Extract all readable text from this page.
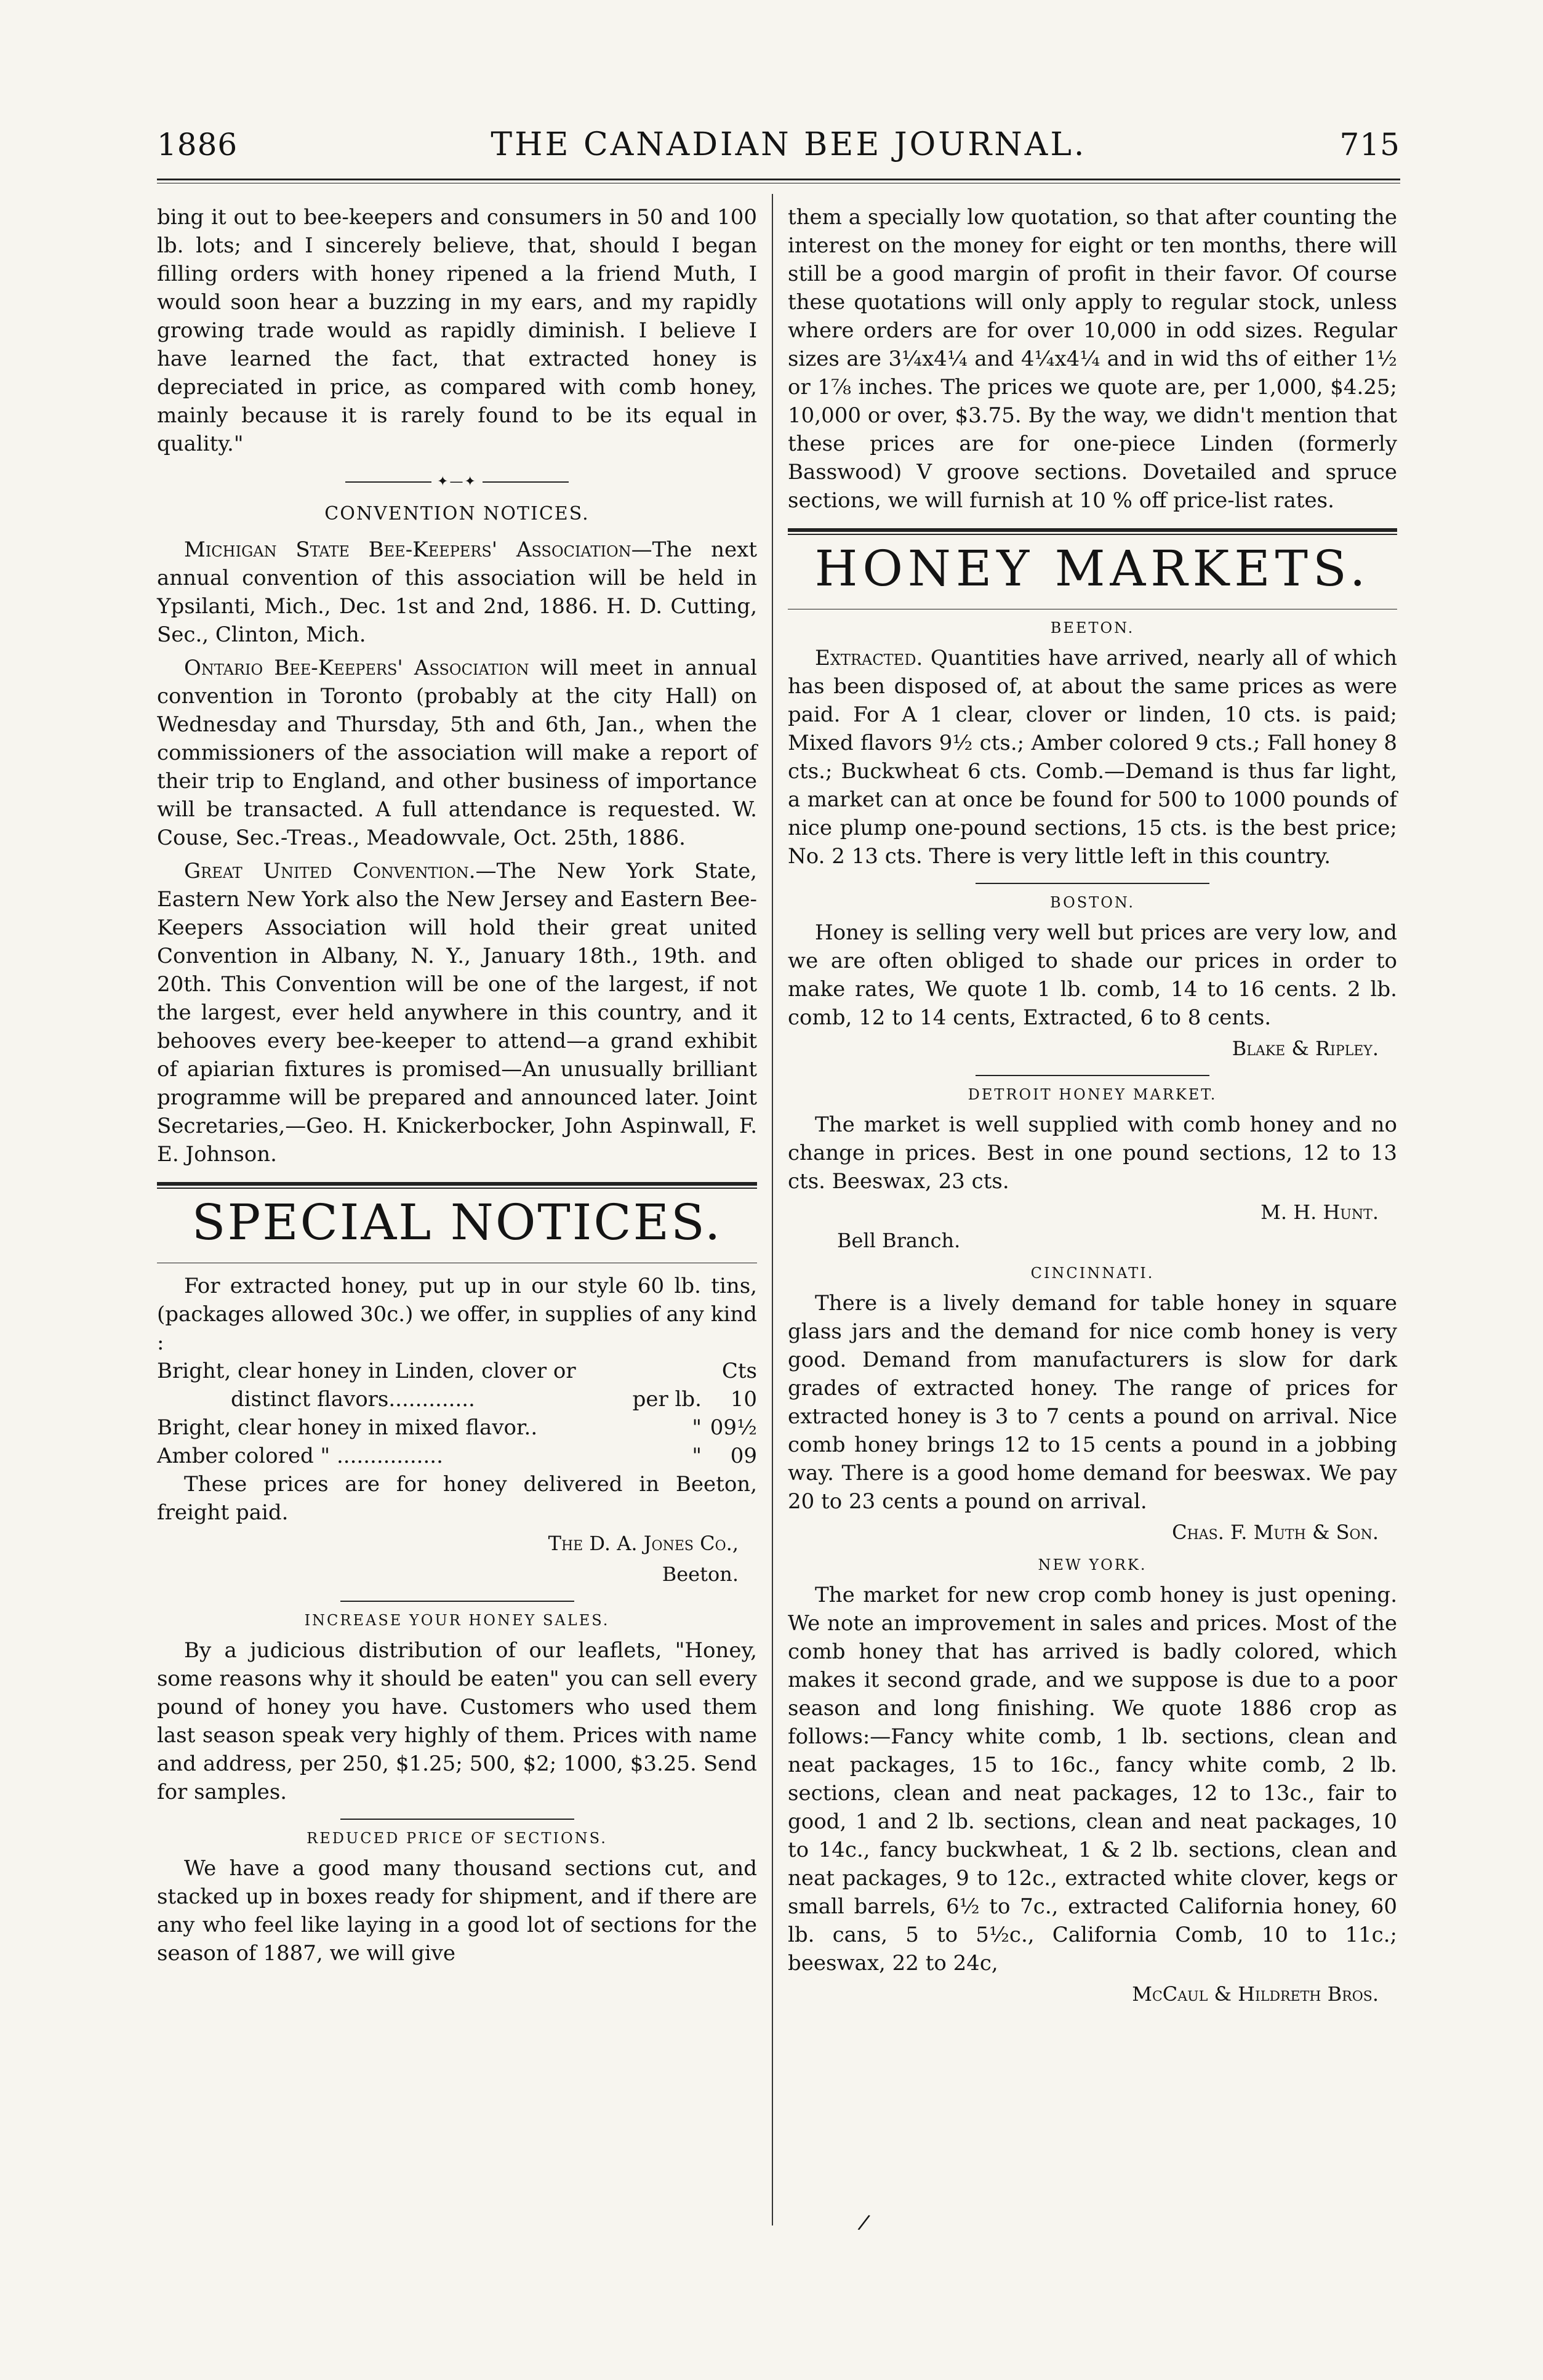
1886	THE CANADIAN BEE JOURNAL.	715

bing it out to bee-keepers and consumers in 50 and 100 lb. lots; and I sincerely believe, that, should I began filling orders with honey ripened a la friend Muth, I would soon hear a buzzing in my ears, and my rapidly growing trade would as rapidly diminish. I believe I have learned the fact, that extracted honey is depreciated in price, as compared with comb honey, mainly because it is rarely found to be its equal in quality."

✦—✦
CONVENTION NOTICES.

Michigan State Bee-Keepers' Association—The next annual convention of this association will be held in Ypsilanti, Mich., Dec. 1st and 2nd, 1886. H. D. Cutting, Sec., Clinton, Mich.

Ontario Bee-Keepers' Association will meet in annual convention in Toronto (probably at the city Hall) on Wednesday and Thursday, 5th and 6th, Jan., when the commissioners of the association will make a report of their trip to England, and other business of importance will be transacted. A full attendance is requested. W. Couse, Sec.-Treas., Meadowvale, Oct. 25th, 1886.

Great United Convention.—The New York State, Eastern New York also the New Jersey and Eastern Bee-Keepers Association will hold their great united Convention in Albany, N. Y., January 18th., 19th. and 20th. This Convention will be one of the largest, if not the largest, ever held anywhere in this country, and it behooves every bee-keeper to attend—a grand exhibit of apiarian fixtures is promised—An unusually brilliant programme will be prepared and announced later. Joint Secretaries,—Geo. H. Knickerbocker, John Aspinwall, F. E. Johnson.

SPECIAL NOTICES.

For extracted honey, put up in our style 60 lb. tins, (packages allowed 30c.) we offer, in supplies of any kind :

Bright, clear honey in Linden, clover or		Cts
distinct flavors.............	per lb.	10
Bright, clear honey in mixed flavor..	"	09½
Amber colored " ................	"	09

These prices are for honey delivered in Beeton, freight paid.

The D. A. Jones Co.,
Beeton.
INCREASE YOUR HONEY SALES.

By a judicious distribution of our leaflets, "Honey, some reasons why it should be eaten" you can sell every pound of honey you have. Customers who used them last season speak very highly of them. Prices with name and address, per 250, $1.25; 500, $2; 1000, $3.25. Send for samples.

REDUCED PRICE OF SECTIONS.

We have a good many thousand sections cut, and stacked up in boxes ready for shipment, and if there are any who feel like laying in a good lot of sections for the season of 1887, we will give

them a specially low quotation, so that after counting the interest on the money for eight or ten months, there will still be a good margin of profit in their favor. Of course these quotations will only apply to regular stock, unless where orders are for over 10,000 in odd sizes. Regular sizes are 3¼x4¼ and 4¼x4¼ and in wid ths of either 1½ or 1⅞ inches. The prices we quote are, per 1,000, $4.25; 10,000 or over, $3.75. By the way, we didn't mention that these prices are for one-piece Linden (formerly Basswood) V groove sections. Dovetailed and spruce sections, we will furnish at 10 % off price-list rates.

HONEY MARKETS.
BEETON.

Extracted. Quantities have arrived, nearly all of which has been disposed of, at about the same prices as were paid. For A 1 clear, clover or linden, 10 cts. is paid; Mixed flavors 9½ cts.; Amber colored 9 cts.; Fall honey 8 cts.; Buckwheat 6 cts. Comb.—Demand is thus far light, a market can at once be found for 500 to 1000 pounds of nice plump one-pound sections, 15 cts. is the best price; No. 2 13 cts. There is very little left in this country.

BOSTON.

Honey is selling very well but prices are very low, and we are often obliged to shade our prices in order to make rates, We quote 1 lb. comb, 14 to 16 cents. 2 lb. comb, 12 to 14 cents, Extracted, 6 to 8 cents.

Blake & Ripley.
DETROIT HONEY MARKET.

The market is well supplied with comb honey and no change in prices. Best in one pound sections, 12 to 13 cts. Beeswax, 23 cts.

M. H. Hunt.
Bell Branch.
CINCINNATI.

There is a lively demand for table honey in square glass jars and the demand for nice comb honey is very good. Demand from manufacturers is slow for dark grades of extracted honey. The range of prices for extracted honey is 3 to 7 cents a pound on arrival. Nice comb honey brings 12 to 15 cents a pound in a jobbing way. There is a good home demand for beeswax. We pay 20 to 23 cents a pound on arrival.

Chas. F. Muth & Son.
NEW YORK.

The market for new crop comb honey is just opening. We note an improvement in sales and prices. Most of the comb honey that has arrived is badly colored, which makes it second grade, and we suppose is due to a poor season and long finishing. We quote 1886 crop as follows:—Fancy white comb, 1 lb. sections, clean and neat packages, 15 to 16c., fancy white comb, 2 lb. sections, clean and neat packages, 12 to 13c., fair to good, 1 and 2 lb. sections, clean and neat packages, 10 to 14c., fancy buckwheat, 1 & 2 lb. sections, clean and neat packages, 9 to 12c., extracted white clover, kegs or small barrels, 6½ to 7c., extracted California honey, 60 lb. cans, 5 to 5½c., California Comb, 10 to 11c.; beeswax, 22 to 24c,

McCaul & Hildreth Bros.
/
